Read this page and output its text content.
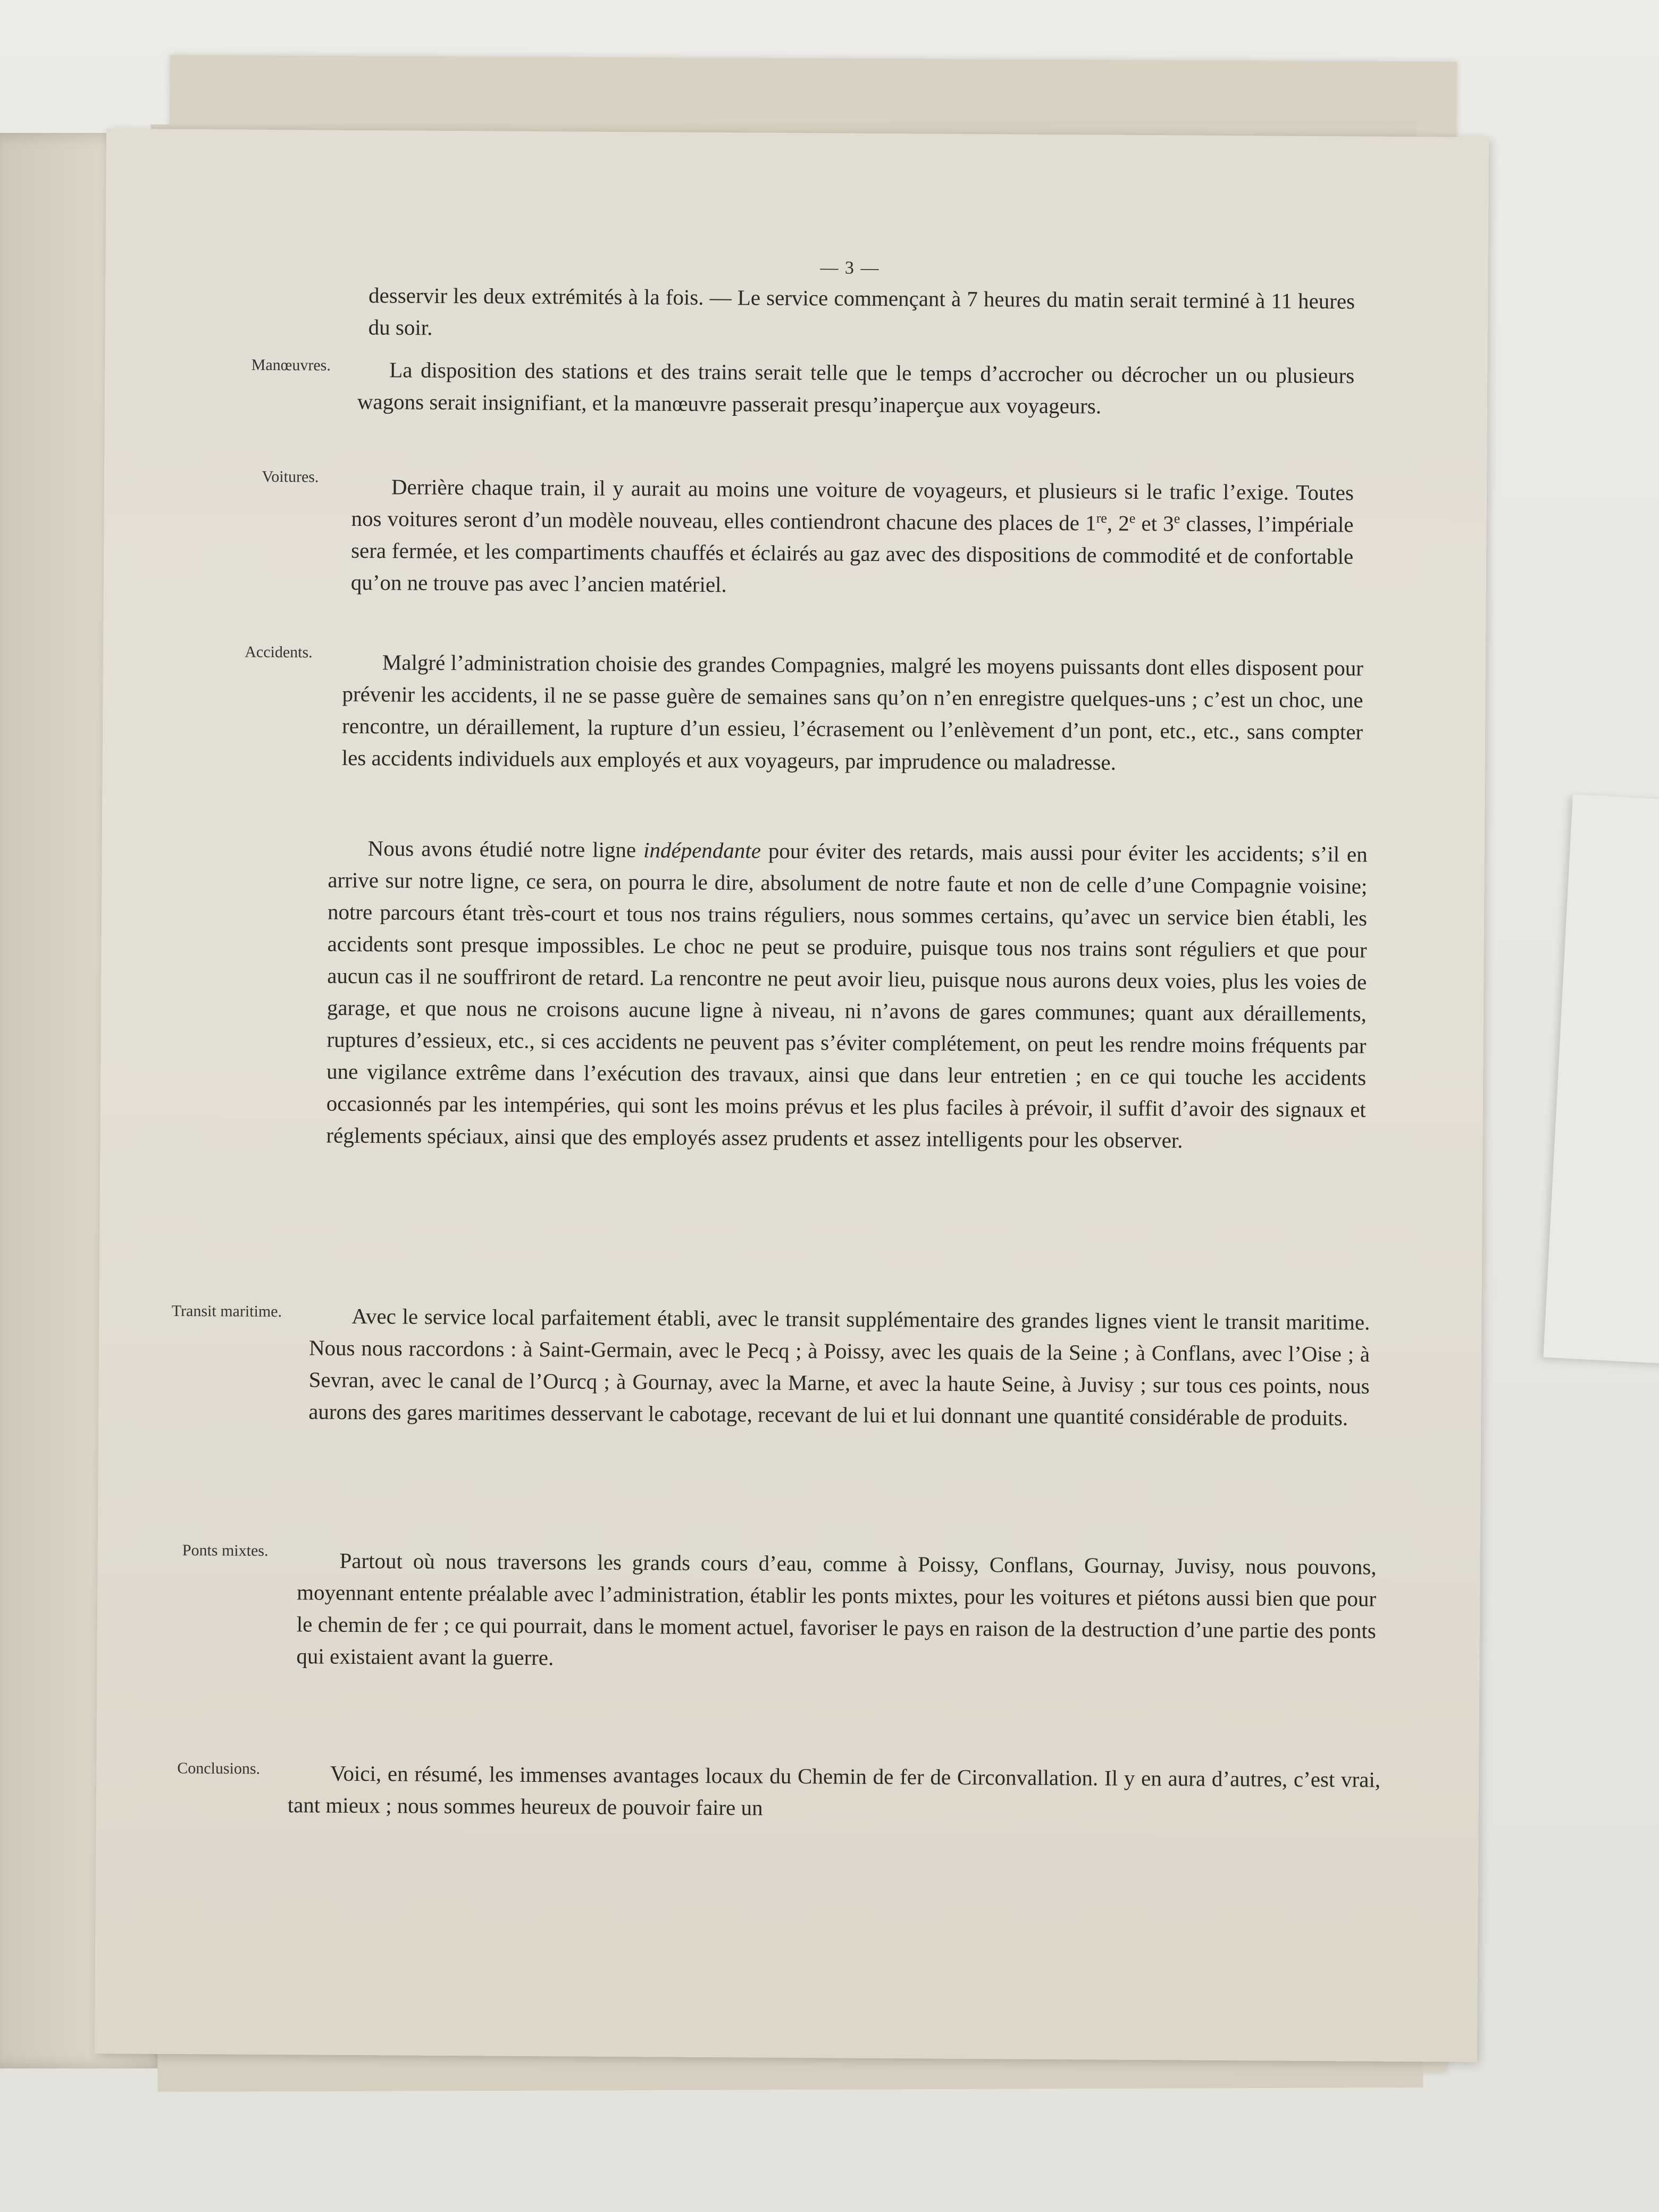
— 3 —

desservir les deux extrémités à la fois. — Le service commençant à 7 heures du matin serait terminé à 11 heures du soir.

Manœuvres.	La disposition des stations et des trains serait telle que le temps d’accrocher ou décrocher un ou plusieurs wagons serait insignifiant, et la manœuvre passerait presqu’inaperçue aux voyageurs.

Voitures.	Derrière chaque train, il y aurait au moins une voiture de voyageurs, et plusieurs si le trafic l’exige. Toutes nos voitures seront d’un modèle nouveau, elles contiendront chacune des places de 1re, 2e et 3e classes, l’impériale sera fermée, et les compartiments chauffés et éclairés au gaz avec des dispositions de commodité et de confortable qu’on ne trouve pas avec l’ancien matériel.

Accidents.	Malgré l’administration choisie des grandes Compagnies, malgré les moyens puissants dont elles disposent pour prévenir les accidents, il ne se passe guère de semaines sans qu’on n’en enregistre quelques-uns ; c’est un choc, une rencontre, un déraillement, la rupture d’un essieu, l’écrasement ou l’enlèvement d’un pont, etc., etc., sans compter les accidents individuels aux employés et aux voyageurs, par imprudence ou maladresse.

Nous avons étudié notre ligne indépendante pour éviter des retards, mais aussi pour éviter les accidents; s’il en arrive sur notre ligne, ce sera, on pourra le dire, absolument de notre faute et non de celle d’une Compagnie voisine; notre parcours étant très-court et tous nos trains réguliers, nous sommes certains, qu’avec un service bien établi, les accidents sont presque impossibles. Le choc ne peut se produire, puisque tous nos trains sont réguliers et que pour aucun cas il ne souffriront de retard. La rencontre ne peut avoir lieu, puisque nous aurons deux voies, plus les voies de garage, et que nous ne croisons aucune ligne à niveau, ni n’avons de gares communes; quant aux déraillements, ruptures d’essieux, etc., si ces accidents ne peuvent pas s’éviter complétement, on peut les rendre moins fréquents par une vigilance extrême dans l’exécution des travaux, ainsi que dans leur entretien ; en ce qui touche les accidents occasionnés par les intempéries, qui sont les moins prévus et les plus faciles à prévoir, il suffit d’avoir des signaux et réglements spéciaux, ainsi que des employés assez prudents et assez intelligents pour les observer.

Transit maritime.	Avec le service local parfaitement établi, avec le transit supplémentaire des grandes lignes vient le transit maritime. Nous nous raccordons : à Saint-Germain, avec le Pecq ; à Poissy, avec les quais de la Seine ; à Conflans, avec l’Oise ; à Sevran, avec le canal de l’Ourcq ; à Gournay, avec la Marne, et avec la haute Seine, à Juvisy ; sur tous ces points, nous aurons des gares maritimes desservant le cabotage, recevant de lui et lui donnant une quantité considérable de produits.

Ponts mixtes.	Partout où nous traversons les grands cours d’eau, comme à Poissy, Conflans, Gournay, Juvisy, nous pouvons, moyennant entente préalable avec l’administration, établir les ponts mixtes, pour les voitures et piétons aussi bien que pour le chemin de fer ; ce qui pourrait, dans le moment actuel, favoriser le pays en raison de la destruction d’une partie des ponts qui existaient avant la guerre.

Conclusions.	Voici, en résumé, les immenses avantages locaux du Chemin de fer de Circonvallation. Il y en aura d’autres, c’est vrai, tant mieux ; nous sommes heureux de pouvoir faire un
